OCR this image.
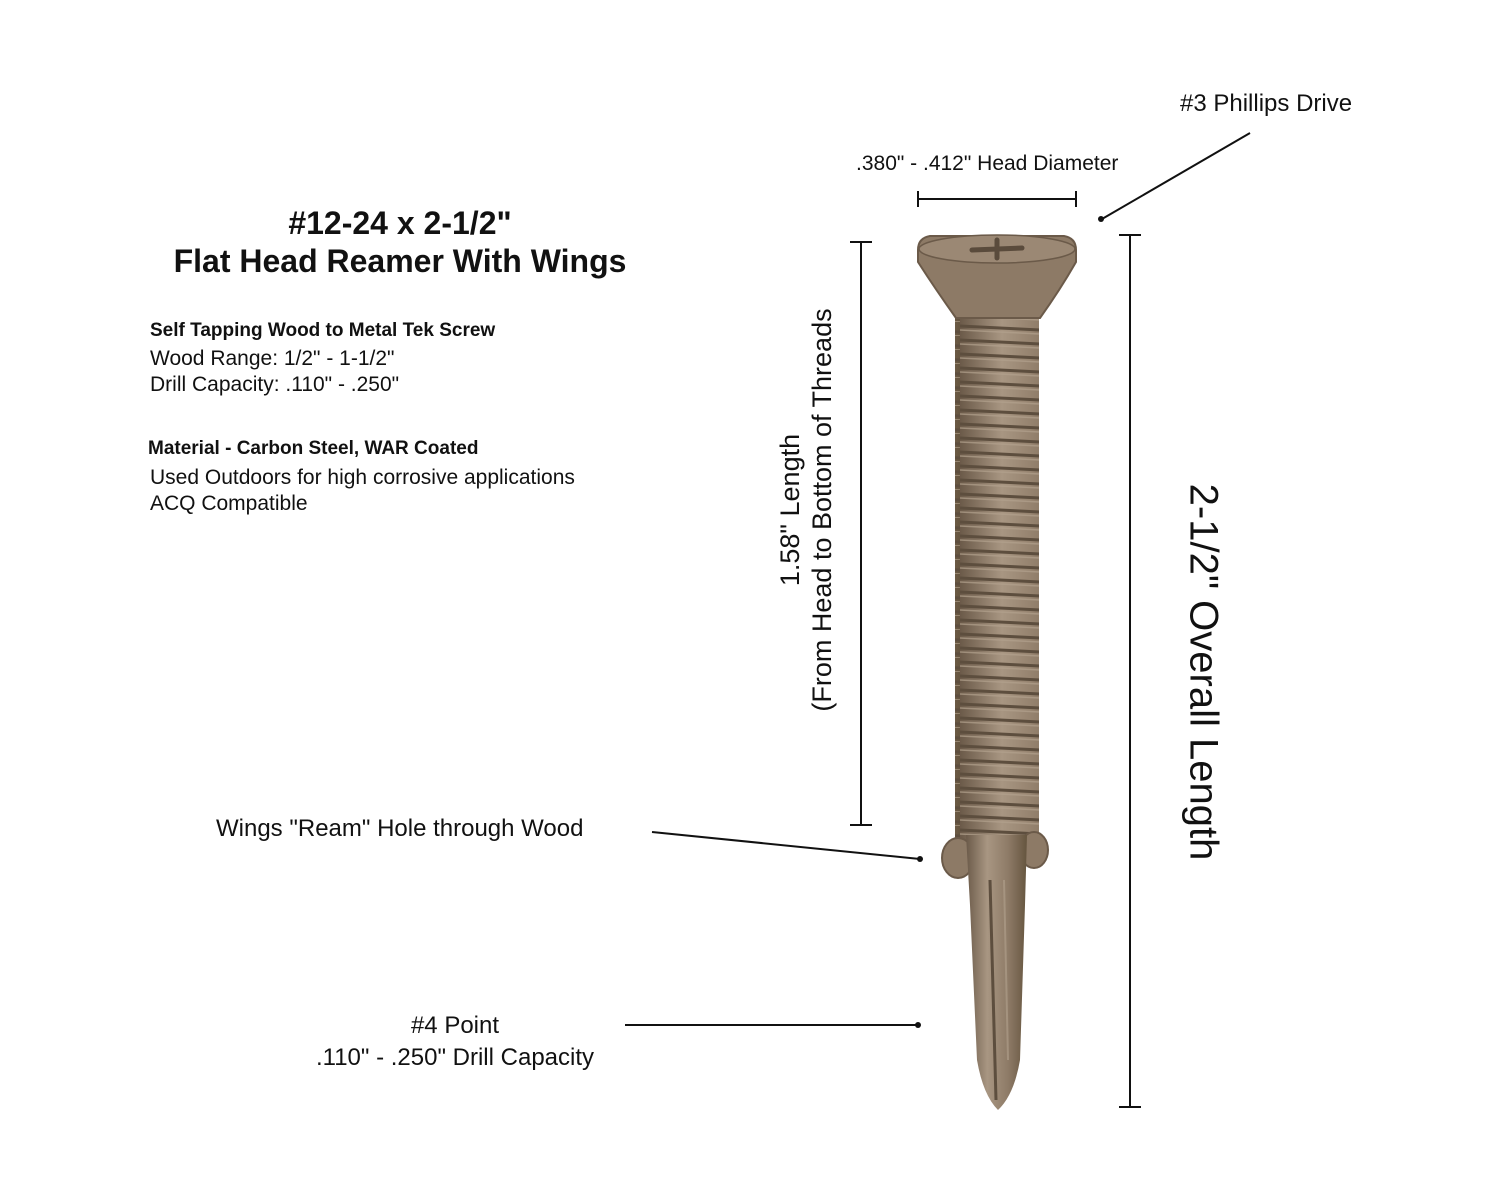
#12-24 x 2-1/2"
Flat Head Reamer With Wings
Self Tapping Wood to Metal Tek Screw
Wood Range: 1/2" - 1-1/2"
Drill Capacity: .110" - .250"
Material - Carbon Steel, WAR Coated
Used Outdoors for high corrosive applications
ACQ Compatible
#3 Phillips Drive
.380" - .412" Head Diameter
Wings "Ream" Hole through Wood
#4 Point
.110" - .250" Drill Capacity
1.58" Length (From Head to Bottom of Threads	2-1/2" Overall Length
